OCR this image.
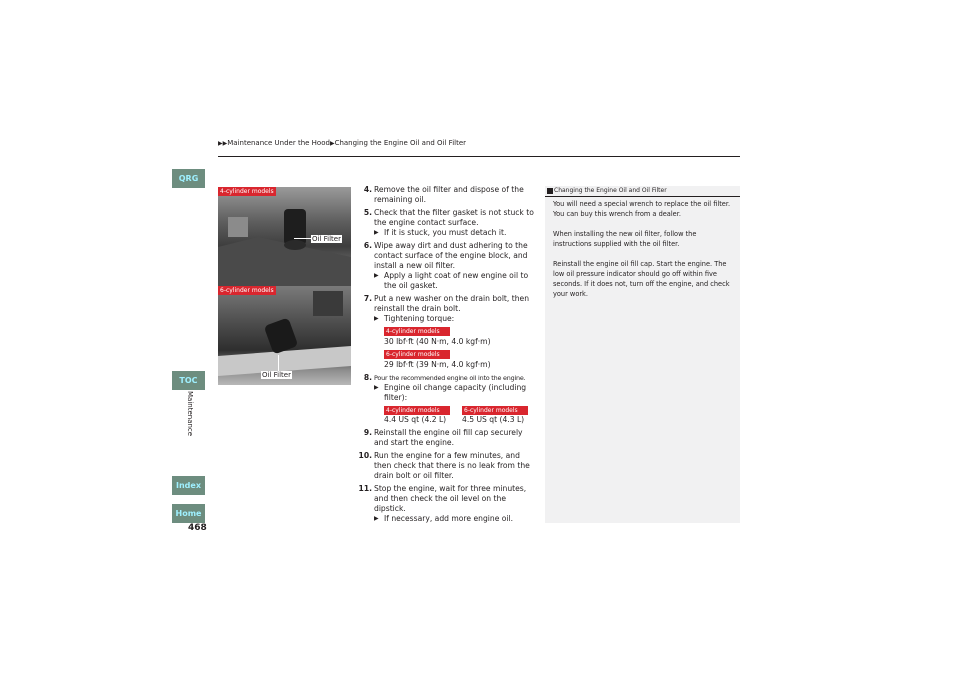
▶▶Maintenance Under the Hood▶Changing the Engine Oil and Oil Filter
QRG
TOC
Maintenance
Index
Home
468
4-cylinder models
Oil Filter
6-cylinder models
Oil Filter
4. Remove the oil filter and dispose of the remaining oil.
5. Check that the filter gasket is not stuck to the engine contact surface.
▶ If it is stuck, you must detach it.
6. Wipe away dirt and dust adhering to the contact surface of the engine block, and install a new oil filter.
▶ Apply a light coat of new engine oil to the oil gasket.
7. Put a new washer on the drain bolt, then reinstall the drain bolt.
▶ Tightening torque:
4-cylinder models
30 lbf·ft (40 N·m, 4.0 kgf·m)
6-cylinder models
29 lbf·ft (39 N·m, 4.0 kgf·m)
8. Pour the recommended engine oil into the engine.
▶ Engine oil change capacity (including filter):
4-cylinder models
4.4 US qt (4.2 L)
6-cylinder models
4.5 US qt (4.3 L)
9. Reinstall the engine oil fill cap securely and start the engine.
10. Run the engine for a few minutes, and then check that there is no leak from the drain bolt or oil filter.
11. Stop the engine, wait for three minutes, and then check the oil level on the dipstick.
▶ If necessary, add more engine oil.
Changing the Engine Oil and Oil Filter
You will need a special wrench to replace the oil filter. You can buy this wrench from a dealer.
When installing the new oil filter, follow the instructions supplied with the oil filter.
Reinstall the engine oil fill cap. Start the engine. The low oil pressure indicator should go off within five seconds. If it does not, turn off the engine, and check your work.
